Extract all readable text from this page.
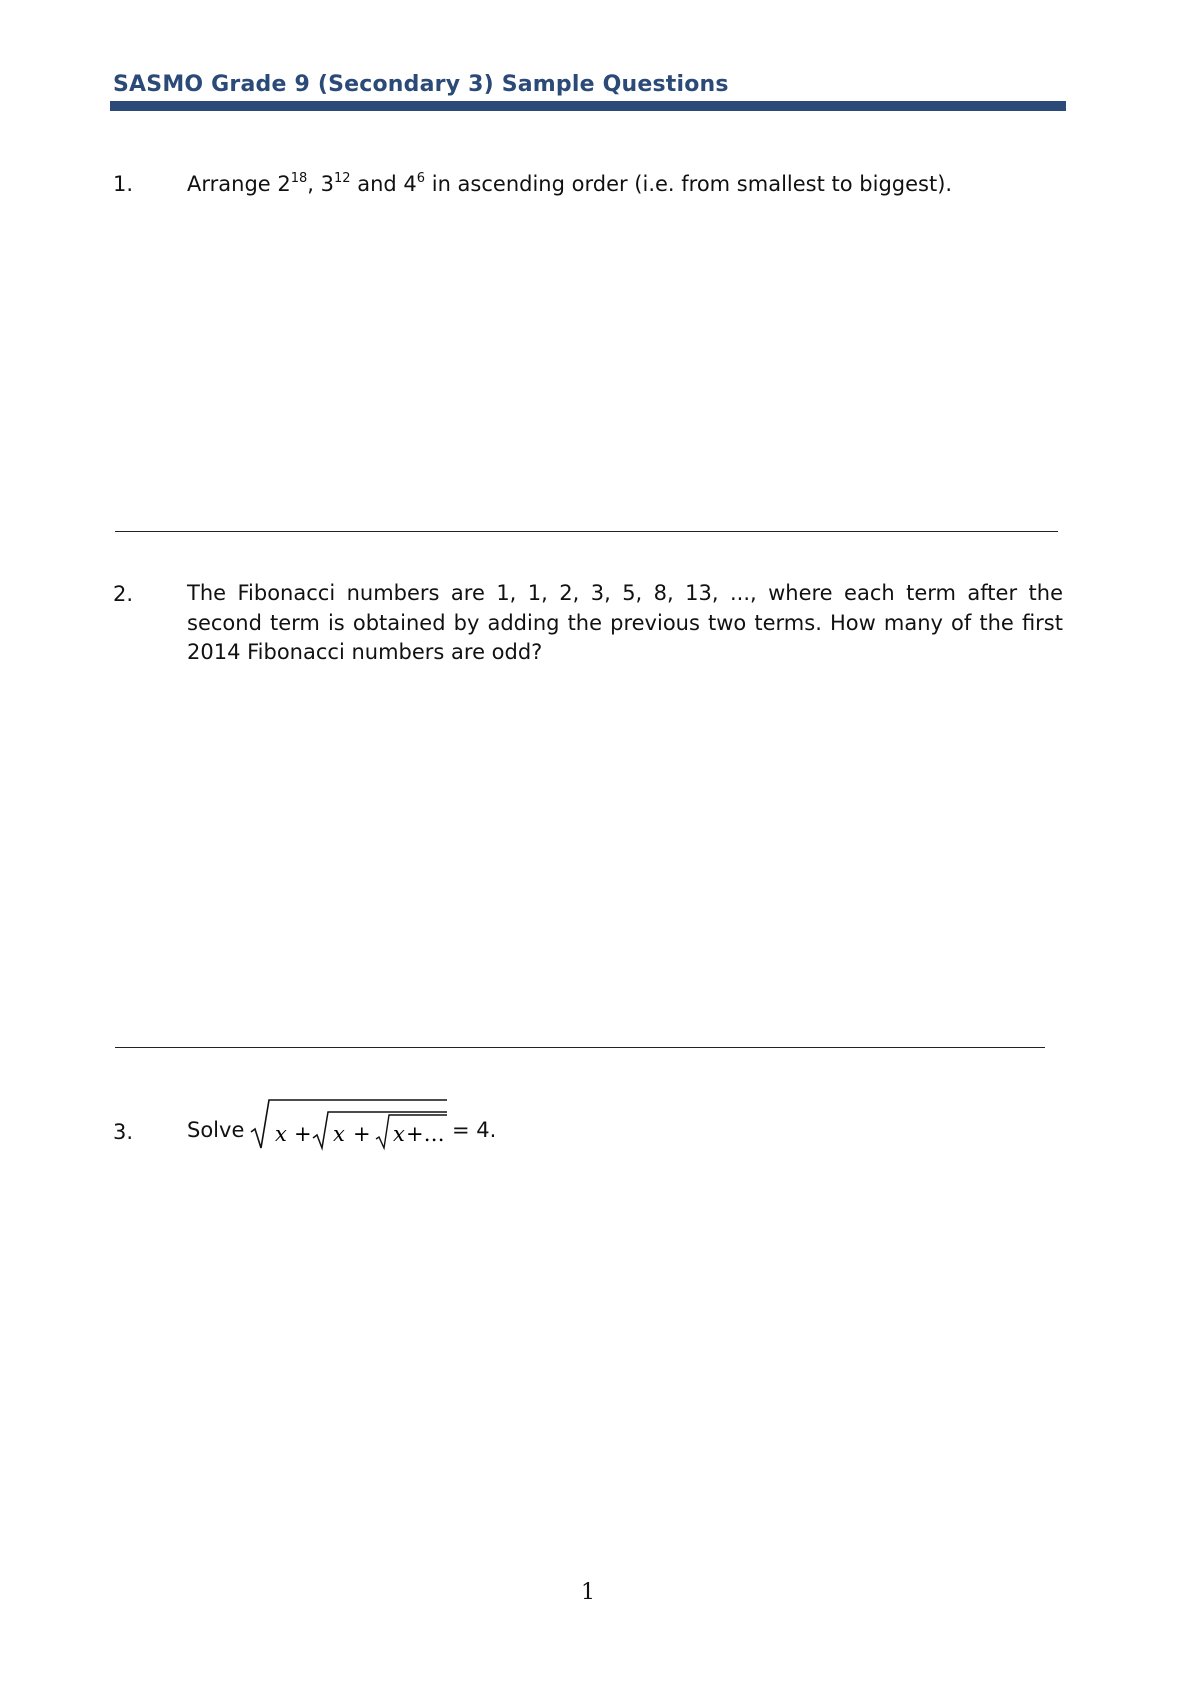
SASMO Grade 9 (Secondary 3) Sample Questions
1.	Arrange $2^{18}$, $3^{12}$ and $4^6$ in ascending order (i.e. from smallest to biggest).
2.	The Fibonacci numbers are 1, 1, 2, 3, 5, 8, 13, ..., where each term after the
second term is obtained by adding the previous two terms. How many of the first
2014 Fibonacci numbers are odd?
3.	Solve x + x + x +… = 4.
1
